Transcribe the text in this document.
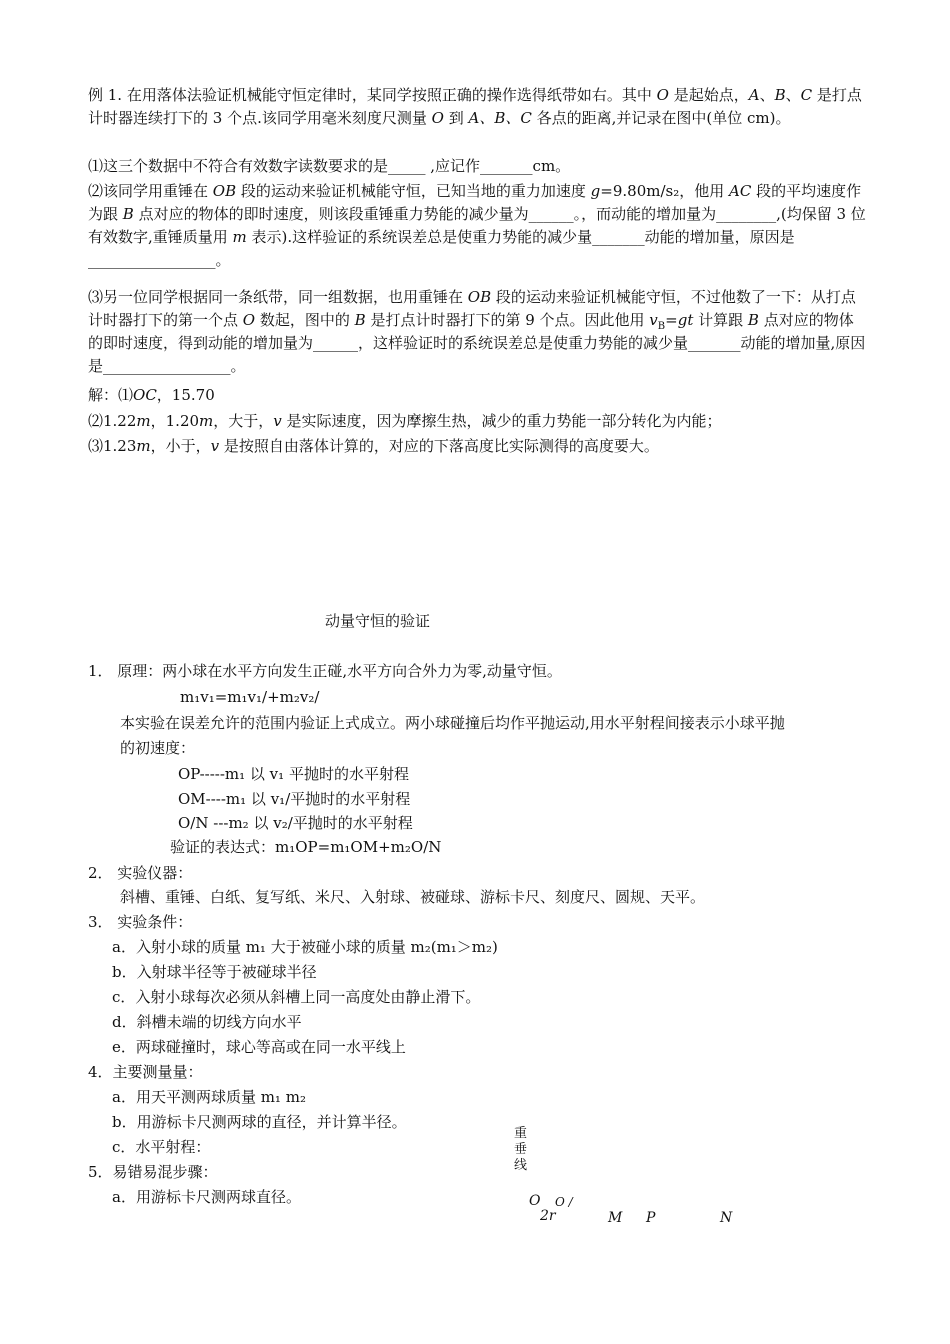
例 1. 在用落体法验证机械能守恒定律时，某同学按照正确的操作选得纸带如右。其中 O 是起始点，A、B、C 是打点计时器连续打下的 3 个点.该同学用毫米刻度尺测量 O 到 A、B、C 各点的距离,并记录在图中(单位 cm)。

⑴这三个数据中不符合有效数字读数要求的是_____ ,应记作_______cm。

⑵该同学用重锤在 OB 段的运动来验证机械能守恒，已知当地的重力加速度 g=9.80m/s₂，他用 AC 段的平均速度作为跟 B 点对应的物体的即时速度，则该段重锤重力势能的减少量为______。，而动能的增加量为________,(均保留 3 位有效数字,重锤质量用 m 表示).这样验证的系统误差总是使重力势能的减少量_______动能的增加量，原因是_________________。

⑶另一位同学根据同一条纸带，同一组数据，也用重锤在 OB 段的运动来验证机械能守恒，不过他数了一下：从打点计时器打下的第一个点 O 数起，图中的 B 是打点计时器打下的第 9 个点。因此他用 $v_B=gt$ 计算跟 B 点对应的物体的即时速度，得到动能的增加量为______，这样验证时的系统误差总是使重力势能的减少量_______动能的增加量,原因是_________________。

解：⑴OC，15.70

⑵1.22m，1.20m，大于，v 是实际速度，因为摩擦生热，减少的重力势能一部分转化为内能；

⑶1.23m，小于，v 是按照自由落体计算的，对应的下落高度比实际测得的高度要大。

动量守恒的验证
1． 原理：两小球在水平方向发生正碰,水平方向合外力为零,动量守恒。
m₁v₁=m₁v₁/+m₂v₂/
本实验在误差允许的范围内验证上式成立。两小球碰撞后均作平抛运动,用水平射程间接表示小球平抛
的初速度：
OP-----m₁ 以 v₁ 平抛时的水平射程
OM----m₁ 以 v₁/平抛时的水平射程
O/N ---m₂ 以 v₂/平抛时的水平射程
验证的表达式：m₁OP=m₁OM+m₂O/N
2． 实验仪器：
斜槽、重锤、白纸、复写纸、米尺、入射球、被碰球、游标卡尺、刻度尺、圆规、天平。
3． 实验条件：
a．入射小球的质量 m₁ 大于被碰小球的质量 m₂(m₁＞m₂)
b．入射球半径等于被碰球半径
c．入射小球每次必须从斜槽上同一高度处由静止滑下。
d．斜槽未端的切线方向水平
e．两球碰撞时，球心等高或在同一水平线上
4．主要测量量：
a．用天平测两球质量 m₁ m₂
b．用游标卡尺测两球的直径，并计算半径。
c．水平射程：
5．易错易混步骤：
a．用游标卡尺测两球直径。
重垂线
O O /
2r	M P	N
